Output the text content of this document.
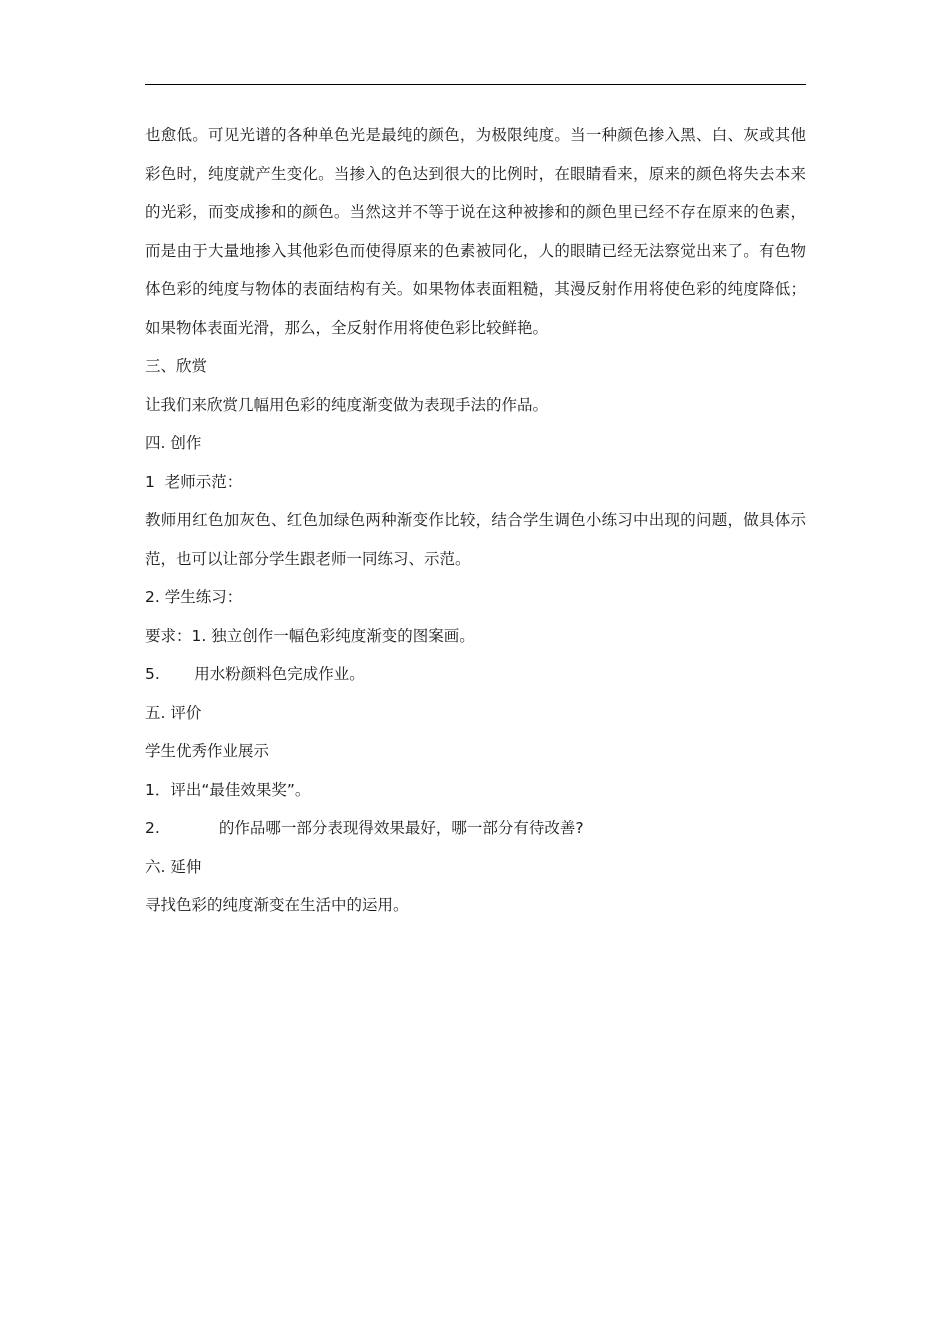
也愈低。可见光谱的各种单色光是最纯的颜色，为极限纯度。当一种颜色掺入黑、白、灰或其他彩色时，纯度就产生变化。当掺入的色达到很大的比例时，在眼睛看来，原来的颜色将失去本来的光彩，而变成掺和的颜色。当然这并不等于说在这种被掺和的颜色里已经不存在原来的色素，而是由于大量地掺入其他彩色而使得原来的色素被同化，人的眼睛已经无法察觉出来了。有色物体色彩的纯度与物体的表面结构有关。如果物体表面粗糙，其漫反射作用将使色彩的纯度降低；如果物体表面光滑，那么，全反射作用将使色彩比较鲜艳。

三、欣赏

让我们来欣赏几幅用色彩的纯度渐变做为表现手法的作品。

四. 创作

1  老师示范：

教师用红色加灰色、红色加绿色两种渐变作比较，结合学生调色小练习中出现的问题，做具体示范，也可以让部分学生跟老师一同练习、示范。

2. 学生练习：

要求：1. 独立创作一幅色彩纯度渐变的图案画。

5.       用水粉颜料色完成作业。

五. 评价

学生优秀作业展示

1．评出“最佳效果奖”。

2.            的作品哪一部分表现得效果最好，哪一部分有待改善?

六. 延伸

寻找色彩的纯度渐变在生活中的运用。
